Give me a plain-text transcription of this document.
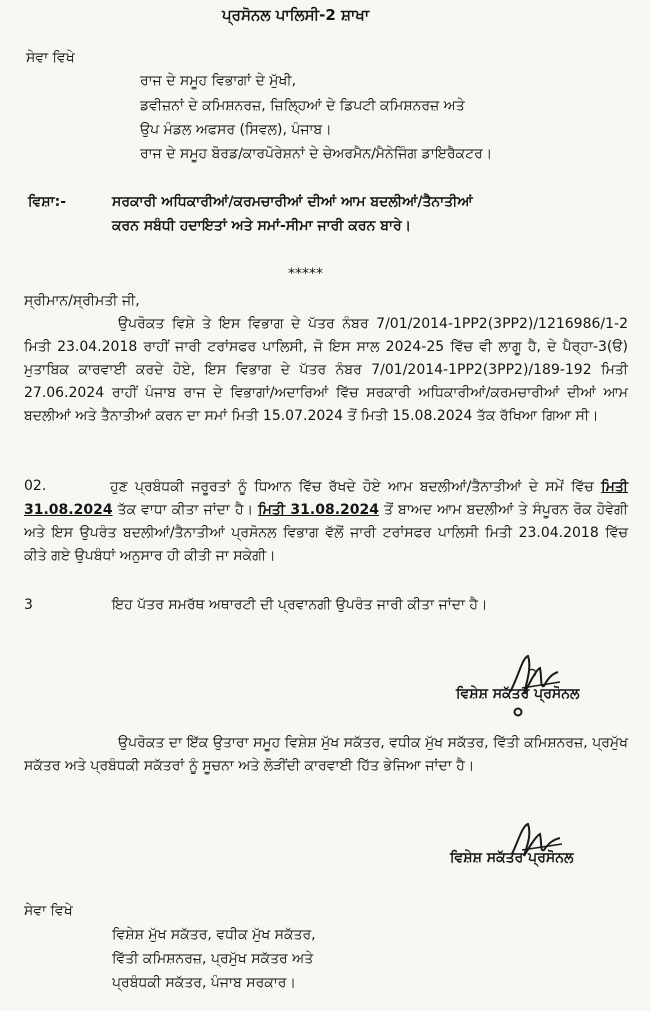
ਪ੍ਰਸੋਨਲ ਪਾਲਿਸੀ-2 ਸ਼ਾਖਾ
ਸੇਵਾ ਵਿਖੇ
ਰਾਜ ਦੇ ਸਮੂਹ ਵਿਭਾਗਾਂ ਦੇ ਮੁੱਖੀ,
ਡਵੀਜ਼ਨਾਂ ਦੇ ਕਮਿਸ਼ਨਰਜ਼, ਜ਼ਿਲ੍ਹਿਆਂ ਦੇ ਡਿਪਟੀ ਕਮਿਸ਼ਨਰਜ਼ ਅਤੇ
ਉਪ ਮੰਡਲ ਅਫਸਰ (ਸਿਵਲ), ਪੰਜਾਬ।
ਰਾਜ ਦੇ ਸਮੂਹ ਬੋਰਡ/ਕਾਰਪੋਰੇਸ਼ਨਾਂ ਦੇ ਚੇਅਰਮੈਨ/ਮੈਨੇਜਿੰਗ ਡਾਇਰੈਕਟਰ।
ਵਿਸ਼ਾ:-	ਸਰਕਾਰੀ ਅਧਿਕਾਰੀਆਂ/ਕਰਮਚਾਰੀਆਂ ਦੀਆਂ ਆਮ ਬਦਲੀਆਂ/ਤੈਨਾਤੀਆਂ
ਕਰਨ ਸਬੰਧੀ ਹਦਾਇਤਾਂ ਅਤੇ ਸਮਾਂ-ਸੀਮਾ ਜਾਰੀ ਕਰਨ ਬਾਰੇ।
*****
ਸ੍ਰੀਮਾਨ/ਸ੍ਰੀਮਤੀ ਜੀ,
ਉਪਰੋਕਤ ਵਿਸ਼ੇ ਤੇ ਇਸ ਵਿਭਾਗ ਦੇ ਪੱਤਰ ਨੰਬਰ 7/01/2014-1PP2(3PP2)/1216986/1-2 ਮਿਤੀ 23.04.2018 ਰਾਹੀਂ ਜਾਰੀ ਟਰਾਂਸਫਰ ਪਾਲਿਸੀ, ਜੋ ਇਸ ਸਾਲ 2024-25 ਵਿੱਚ ਵੀ ਲਾਗੂ ਹੈ, ਦੇ ਪੈਰ੍ਹਾ-3(ੳ) ਮੁਤਾਬਿਕ ਕਾਰਵਾਈ ਕਰਦੇ ਹੋਏ, ਇਸ ਵਿਭਾਗ ਦੇ ਪੱਤਰ ਨੰਬਰ 7/01/2014-1PP2(3PP2)/189-192 ਮਿਤੀ 27.06.2024 ਰਾਹੀਂ ਪੰਜਾਬ ਰਾਜ ਦੇ ਵਿਭਾਗਾਂ/ਅਦਾਰਿਆਂ ਵਿੱਚ ਸਰਕਾਰੀ ਅਧਿਕਾਰੀਆਂ/ਕਰਮਚਾਰੀਆਂ ਦੀਆਂ ਆਮ ਬਦਲੀਆਂ ਅਤੇ ਤੈਨਾਤੀਆਂ ਕਰਨ ਦਾ ਸਮਾਂ ਮਿਤੀ 15.07.2024 ਤੋਂ ਮਿਤੀ 15.08.2024 ਤੱਕ ਰੱਖਿਆ ਗਿਆ ਸੀ।
02.	ਹੁਣ ਪ੍ਰਬੰਧਕੀ ਜਰੂਰਤਾਂ ਨੂੰ ਧਿਆਨ ਵਿੱਚ ਰੱਖਦੇ ਹੋਏ ਆਮ ਬਦਲੀਆਂ/ਤੈਨਾਤੀਆਂ ਦੇ ਸਮੇਂ ਵਿੱਚ ਮਿਤੀ 31.08.2024 ਤੱਕ ਵਾਧਾ ਕੀਤਾ ਜਾਂਦਾ ਹੈ। ਮਿਤੀ 31.08.2024 ਤੋਂ ਬਾਅਦ ਆਮ ਬਦਲੀਆਂ ਤੇ ਸੰਪੂਰਨ ਰੋਕ ਹੋਵੇਗੀ ਅਤੇ ਇਸ ਉਪਰੰਤ ਬਦਲੀਆਂ/ਤੈਨਾਤੀਆਂ ਪ੍ਰਸੋਨਲ ਵਿਭਾਗ ਵੱਲੋਂ ਜਾਰੀ ਟਰਾਂਸਫਰ ਪਾਲਿਸੀ ਮਿਤੀ 23.04.2018 ਵਿੱਚ ਕੀਤੇ ਗਏ ਉਪਬੰਧਾਂ ਅਨੁਸਾਰ ਹੀ ਕੀਤੀ ਜਾ ਸਕੇਗੀ।
3	ਇਹ ਪੱਤਰ ਸਮਰੱਥ ਅਥਾਰਟੀ ਦੀ ਪ੍ਰਵਾਨਗੀ ਉਪਰੰਤ ਜਾਰੀ ਕੀਤਾ ਜਾਂਦਾ ਹੈ।
ਵਿਸ਼ੇਸ਼ ਸਕੱਤਰ ਪ੍ਰਸੋਨਲ
ਉਪਰੋਕਤ ਦਾ ਇੱਕ ਉਤਾਰਾ ਸਮੂਹ ਵਿਸ਼ੇਸ਼ ਮੁੱਖ ਸਕੱਤਰ, ਵਧੀਕ ਮੁੱਖ ਸਕੱਤਰ, ਵਿੱਤੀ ਕਮਿਸ਼ਨਰਜ਼, ਪ੍ਰਮੁੱਖ ਸਕੱਤਰ ਅਤੇ ਪ੍ਰਬੰਧਕੀ ਸਕੱਤਰਾਂ ਨੂੰ ਸੂਚਨਾ ਅਤੇ ਲੋੜੀਂਦੀ ਕਾਰਵਾਈ ਹਿੱਤ ਭੇਜਿਆ ਜਾਂਦਾ ਹੈ।
ਵਿਸ਼ੇਸ਼ ਸਕੱਤਰ ਪ੍ਰਸੋਨਲ
ਸੇਵਾ ਵਿਖੇ
ਵਿਸ਼ੇਸ਼ ਮੁੱਖ ਸਕੱਤਰ, ਵਧੀਕ ਮੁੱਖ ਸਕੱਤਰ,
ਵਿੱਤੀ ਕਮਿਸ਼ਨਰਜ਼, ਪ੍ਰਮੁੱਖ ਸਕੱਤਰ ਅਤੇ
ਪ੍ਰਬੰਧਕੀ ਸਕੱਤਰ, ਪੰਜਾਬ ਸਰਕਾਰ।
